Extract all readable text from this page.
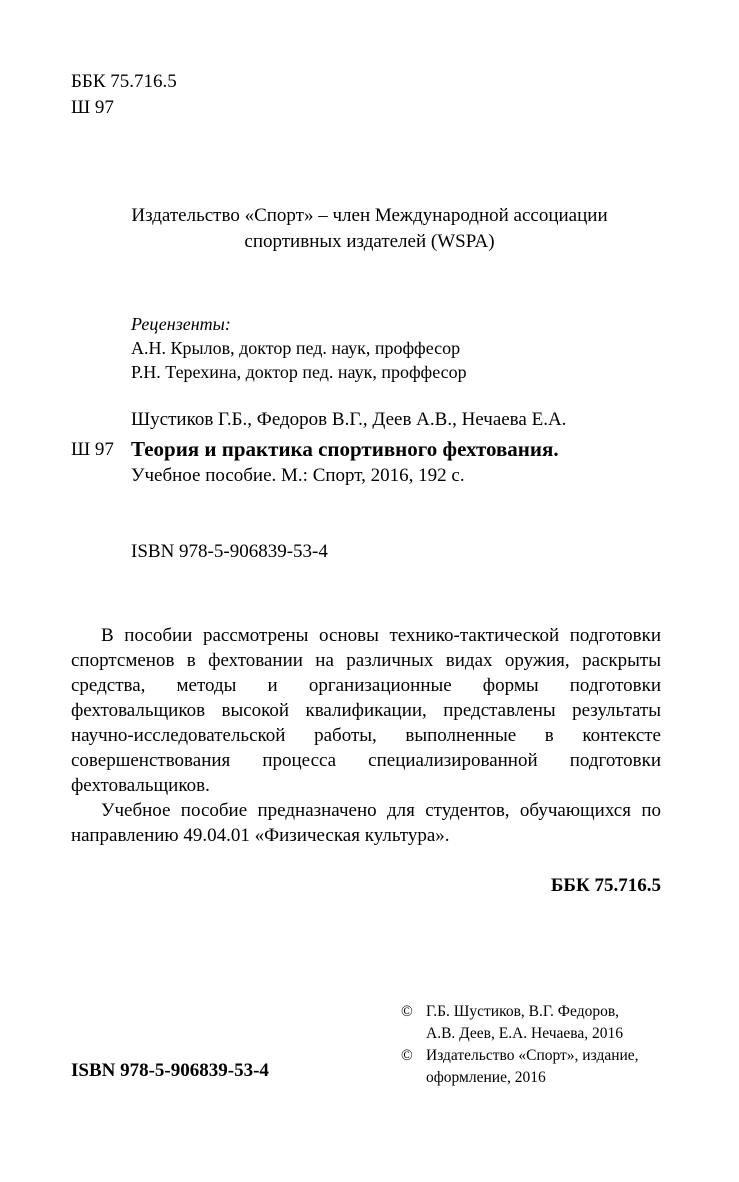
ББК 75.716.5
Ш 97
Издательство «Спорт» – член Международной ассоциации
спортивных издателей (WSPA)
Рецензенты:
А.Н. Крылов, доктор пед. наук, проффесор
Р.Н. Терехина, доктор пед. наук, проффесор
Шустиков Г.Б., Федоров В.Г., Деев А.В., Нечаева Е.А.
Ш 97 Теория и практика спортивного фехтования.
Учебное пособие. М.: Спорт, 2016, 192 с.
ISBN 978-5-906839-53-4

В пособии рассмотрены основы технико-тактической подготовки спортсменов в фехтовании на различных видах оружия, раскрыты средства, методы и организационные формы подготовки фехтовальщиков высокой квалификации, представлены результаты научно-исследовательской работы, выполненные в контексте совершенствования процесса специализированной подготовки фехтовальщиков.

Учебное пособие предназначено для студентов, обучающихся по направлению 49.04.01 «Физическая культура».

ББК 75.716.5
© Г.Б. Шустиков, В.Г. Федоров,
А.В. Деев, Е.А. Нечаева, 2016
© Издательство «Спорт», издание,
оформление, 2016
ISBN 978-5-906839-53-4
